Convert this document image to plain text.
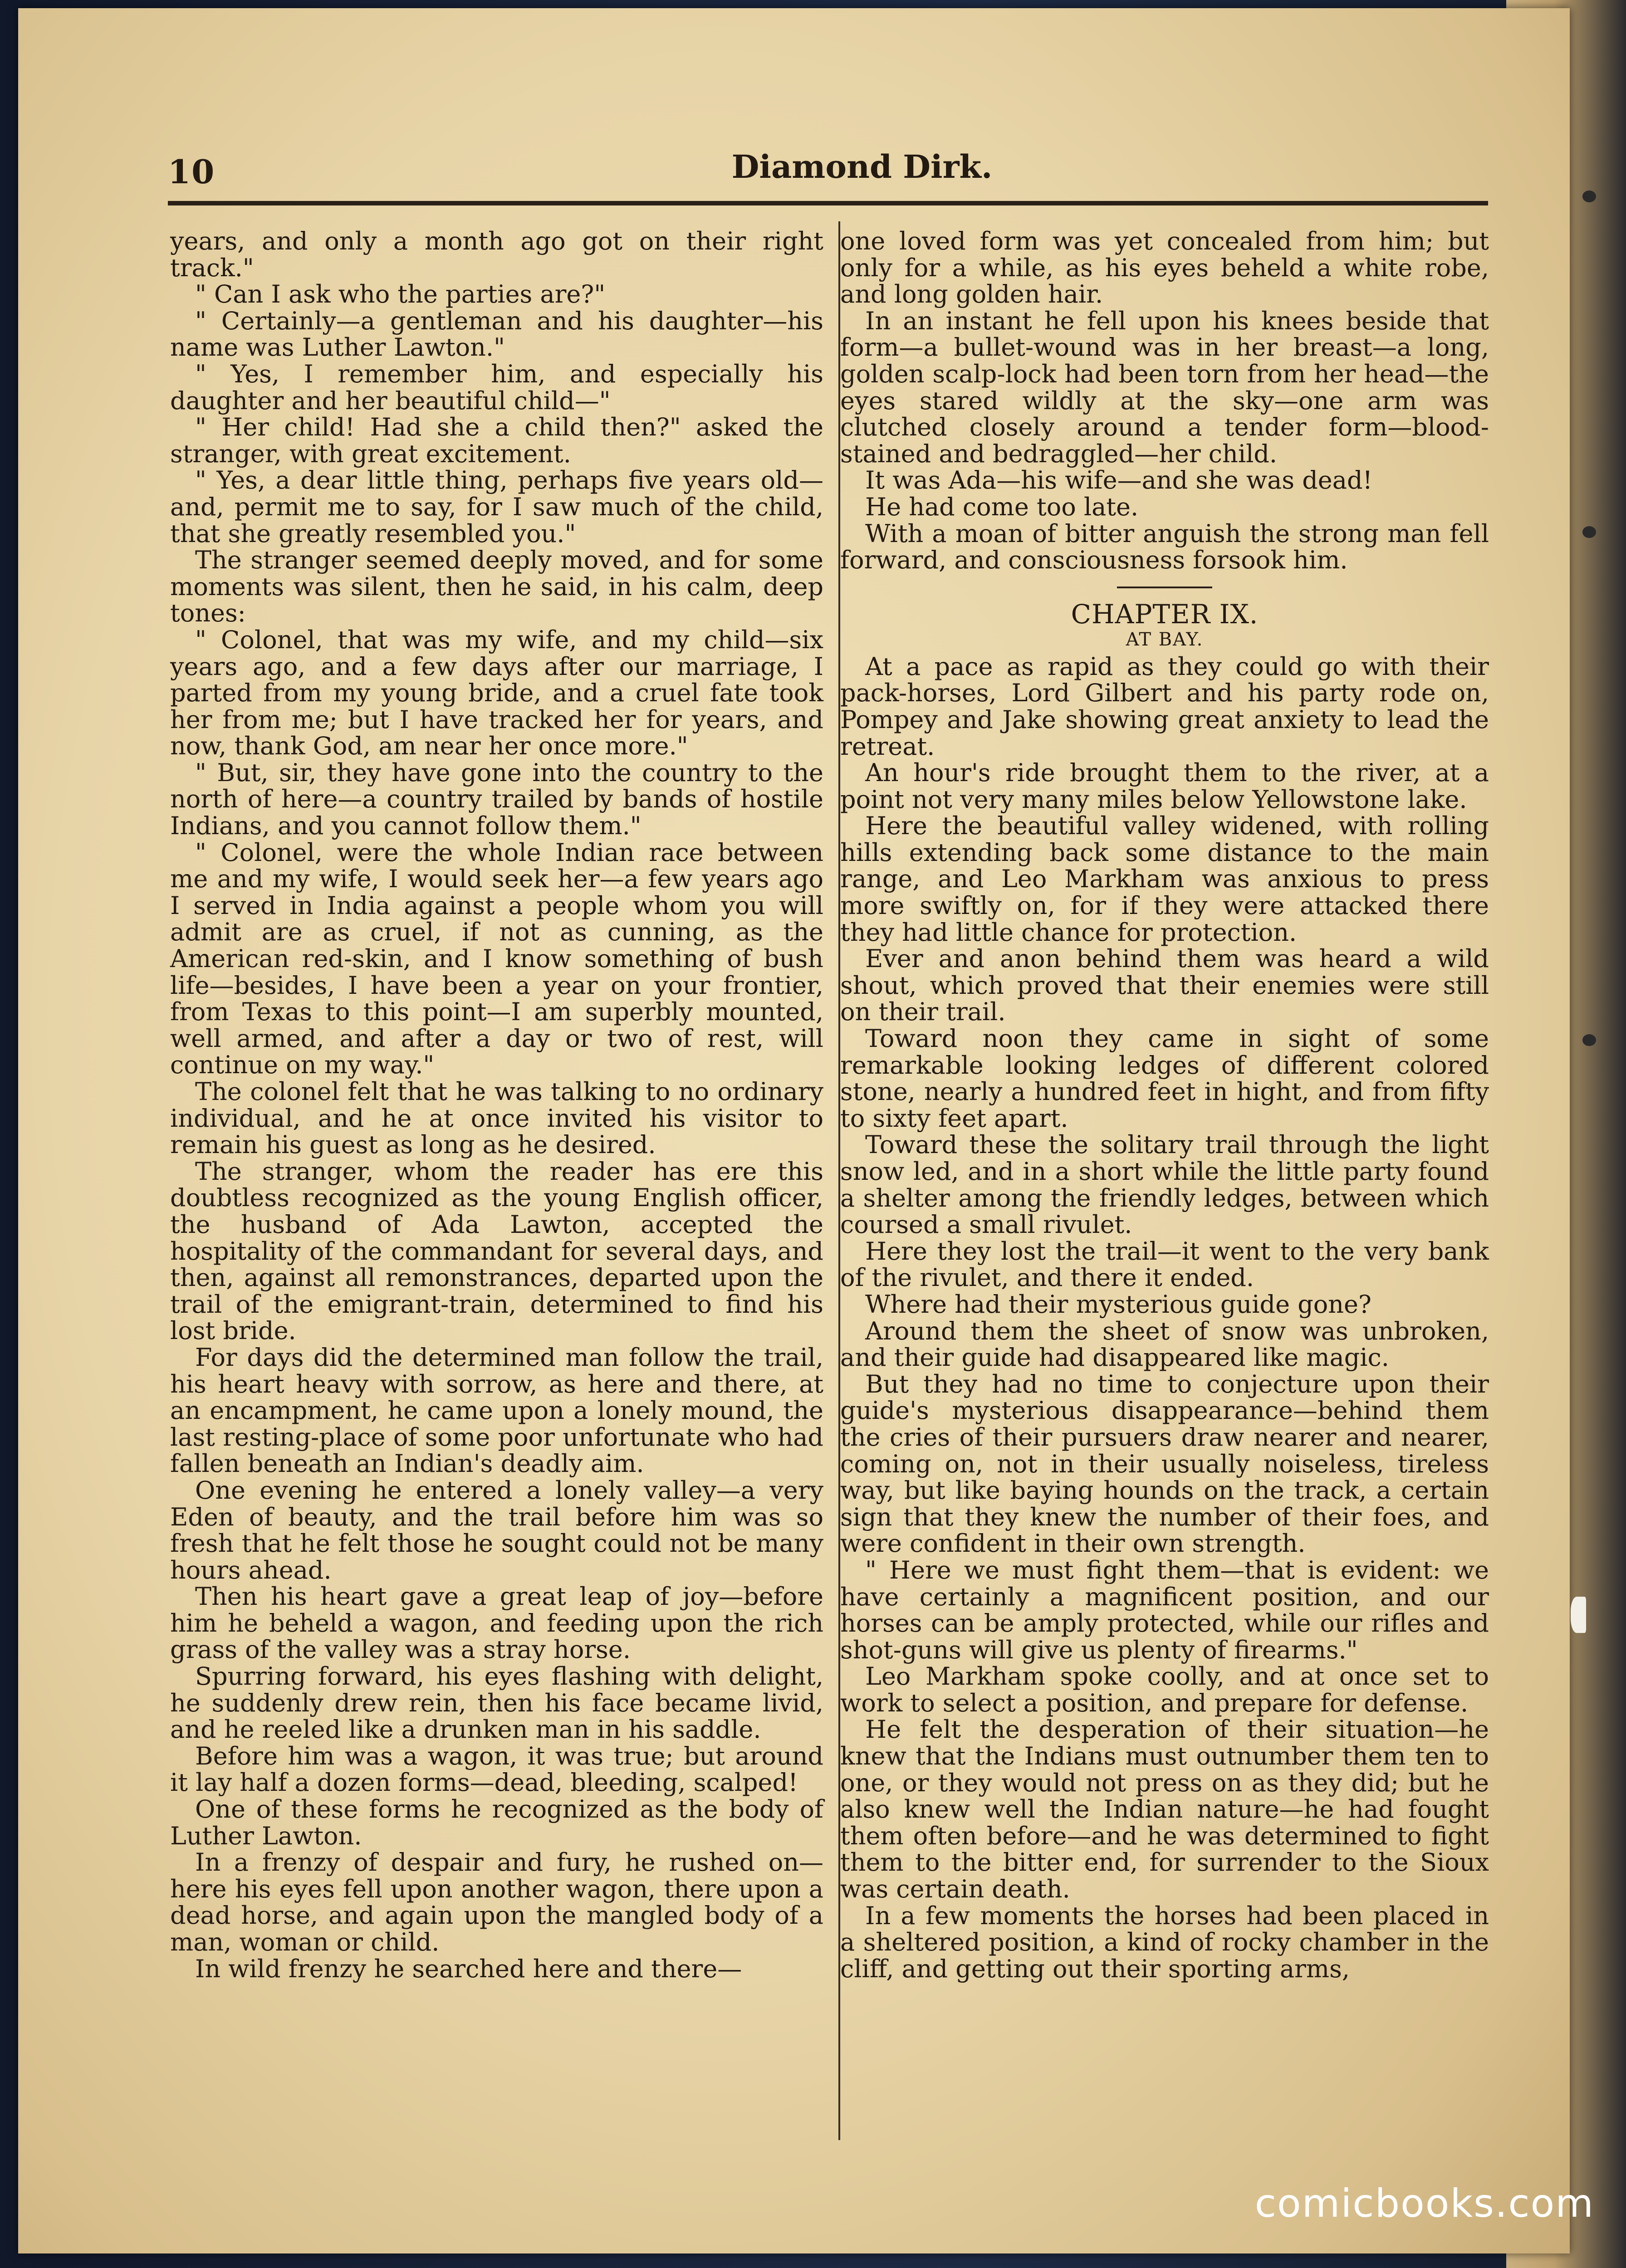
10	Diamond Dirk.

years, and only a month ago got on their right track."

" Can I ask who the parties are?"

" Certainly—a gentleman and his daughter—his name was Luther Lawton."

" Yes, I remember him, and especially his daughter and her beautiful child—"

" Her child! Had she a child then?" asked the stranger, with great excitement.

" Yes, a dear little thing, perhaps five years old—and, permit me to say, for I saw much of the child, that she greatly resembled you."

The stranger seemed deeply moved, and for some moments was silent, then he said, in his calm, deep tones:

" Colonel, that was my wife, and my child—six years ago, and a few days after our marriage, I parted from my young bride, and a cruel fate took her from me; but I have tracked her for years, and now, thank God, am near her once more."

" But, sir, they have gone into the country to the north of here—a country trailed by bands of hostile Indians, and you cannot follow them."

" Colonel, were the whole Indian race between me and my wife, I would seek her—a few years ago I served in India against a people whom you will admit are as cruel, if not as cunning, as the American red-skin, and I know something of bush life—besides, I have been a year on your frontier, from Texas to this point—I am superbly mounted, well armed, and after a day or two of rest, will continue on my way."

The colonel felt that he was talking to no ordinary individual, and he at once invited his visitor to remain his guest as long as he desired.

The stranger, whom the reader has ere this doubtless recognized as the young English officer, the husband of Ada Lawton, accepted the hospitality of the commandant for several days, and then, against all remonstrances, departed upon the trail of the emigrant-train, determined to find his lost bride.

For days did the determined man follow the trail, his heart heavy with sorrow, as here and there, at an encampment, he came upon a lonely mound, the last resting-place of some poor unfortunate who had fallen beneath an Indian's deadly aim.

One evening he entered a lonely valley—a very Eden of beauty, and the trail before him was so fresh that he felt those he sought could not be many hours ahead.

Then his heart gave a great leap of joy—before him he beheld a wagon, and feeding upon the rich grass of the valley was a stray horse.

Spurring forward, his eyes flashing with delight, he suddenly drew rein, then his face became livid, and he reeled like a drunken man in his saddle.

Before him was a wagon, it was true; but around it lay half a dozen forms—dead, bleeding, scalped!

One of these forms he recognized as the body of Luther Lawton.

In a frenzy of despair and fury, he rushed on—here his eyes fell upon another wagon, there upon a dead horse, and again upon the mangled body of a man, woman or child.

In wild frenzy he searched here and there—

one loved form was yet concealed from him; but only for a while, as his eyes beheld a white robe, and long golden hair.

In an instant he fell upon his knees beside that form—a bullet-wound was in her breast—a long, golden scalp-lock had been torn from her head—the eyes stared wildly at the sky—one arm was clutched closely around a tender form—blood-stained and bedraggled—her child.

It was Ada—his wife—and she was dead!

He had come too late.

With a moan of bitter anguish the strong man fell forward, and consciousness forsook him.

CHAPTER IX.
AT BAY.

At a pace as rapid as they could go with their pack-horses, Lord Gilbert and his party rode on, Pompey and Jake showing great anxiety to lead the retreat.

An hour's ride brought them to the river, at a point not very many miles below Yellowstone lake.

Here the beautiful valley widened, with rolling hills extending back some distance to the main range, and Leo Markham was anxious to press more swiftly on, for if they were attacked there they had little chance for protection.

Ever and anon behind them was heard a wild shout, which proved that their enemies were still on their trail.

Toward noon they came in sight of some remarkable looking ledges of different colored stone, nearly a hundred feet in hight, and from fifty to sixty feet apart.

Toward these the solitary trail through the light snow led, and in a short while the little party found a shelter among the friendly ledges, between which coursed a small rivulet.

Here they lost the trail—it went to the very bank of the rivulet, and there it ended.

Where had their mysterious guide gone?

Around them the sheet of snow was unbroken, and their guide had disappeared like magic.

But they had no time to conjecture upon their guide's mysterious disappearance—behind them the cries of their pursuers draw nearer and nearer, coming on, not in their usually noiseless, tireless way, but like baying hounds on the track, a certain sign that they knew the number of their foes, and were confident in their own strength.

" Here we must fight them—that is evident: we have certainly a magnificent position, and our horses can be amply protected, while our rifles and shot-guns will give us plenty of firearms."

Leo Markham spoke coolly, and at once set to work to select a position, and prepare for defense.

He felt the desperation of their situation—he knew that the Indians must outnumber them ten to one, or they would not press on as they did; but he also knew well the Indian nature—he had fought them often before—and he was determined to fight them to the bitter end, for surrender to the Sioux was certain death.

In a few moments the horses had been placed in a sheltered position, a kind of rocky chamber in the cliff, and getting out their sporting arms,

comicbooks.com
